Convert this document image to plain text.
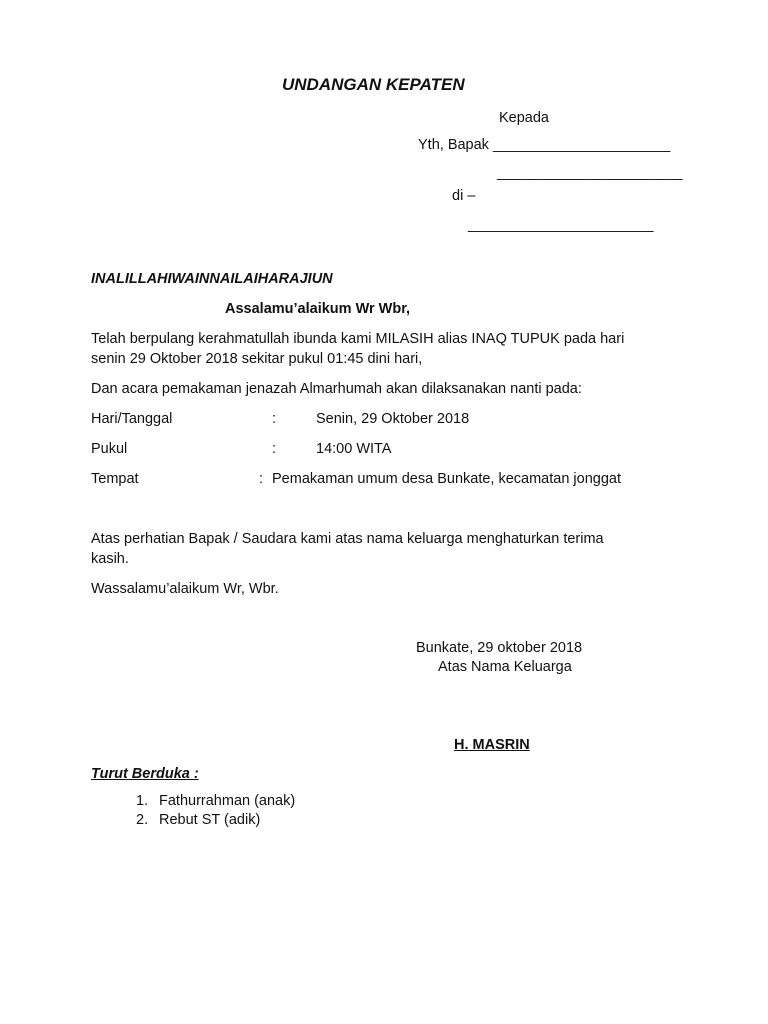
UNDANGAN KEPATEN
Kepada
Yth, Bapak ______________________
_______________________
di –
_______________________
INALILLAHIWAINNAILAIHARAJIUN
Assalamu’alaikum Wr Wbr,
Telah berpulang kerahmatullah ibunda kami MILASIH alias INAQ TUPUK pada hari
senin 29 Oktober 2018 sekitar pukul 01:45 dini hari,
Dan acara pemakaman jenazah Almarhumah akan dilaksanakan nanti pada:
Hari/Tanggal	:	Senin, 29 Oktober 2018
Pukul	:	14:00 WITA
Tempat	: Pemakaman umum desa Bunkate, kecamatan jonggat
Atas perhatian Bapak / Saudara kami atas nama keluarga menghaturkan terima
kasih.
Wassalamu’alaikum Wr, Wbr.
Bunkate, 29 oktober 2018
Atas Nama Keluarga
H. MASRIN
Turut Berduka :
1. Fathurrahman (anak)
2. Rebut ST (adik)
